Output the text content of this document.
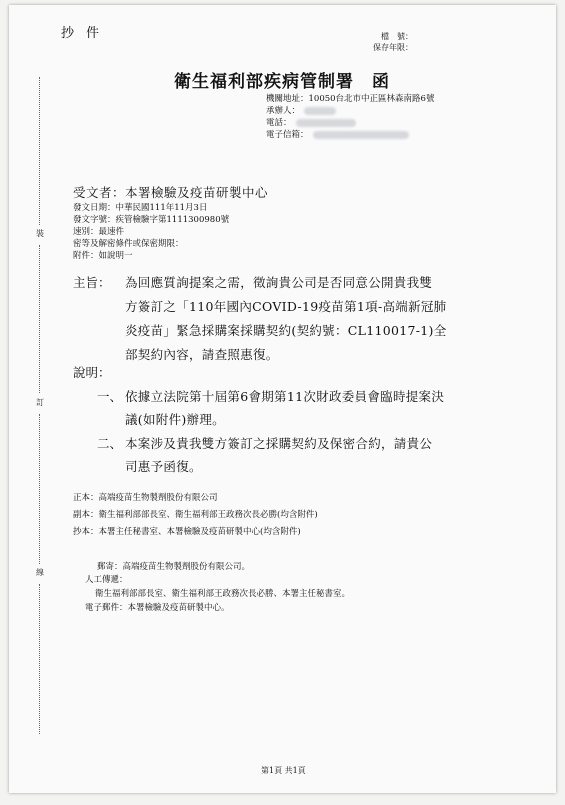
裝
訂
線
抄件	檔　號：
保存年限：
衛生福利部疾病管制署 函
機關地址：10050台北市中正區林森南路6號
承辦人：
電話：
電子信箱：
受文者：本署檢驗及疫苗研製中心
發文日期：中華民國111年11月3日
發文字號：疾管檢驗字第1111300980號
速別：最速件
密等及解密條件或保密期限：
附件：如說明一
主旨： 為回應質詢提案之需，徵詢貴公司是否同意公開貴我雙
方簽訂之「110年國內COVID-19疫苗第1項-高端新冠肺
炎疫苗」緊急採購案採購契約(契約號：CL110017-1)全
部契約內容，請查照惠復。
說明：
一、 依據立法院第十屆第6會期第11次財政委員會臨時提案決
議(如附件)辦理。
二、 本案涉及貴我雙方簽訂之採購契約及保密合約，請貴公
司惠予函復。
正本：高端疫苗生物製劑股份有限公司
副本：衛生福利部部長室、衛生福利部王政務次長必勝(均含附件)
抄本：本署主任秘書室、本署檢驗及疫苗研製中心(均含附件)
郵寄：高端疫苗生物製劑股份有限公司。
人工傳遞：
衛生福利部部長室、衛生福利部王政務次長必勝、本署主任秘書室。
電子郵件：本署檢驗及疫苗研製中心。
第1頁 共1頁
